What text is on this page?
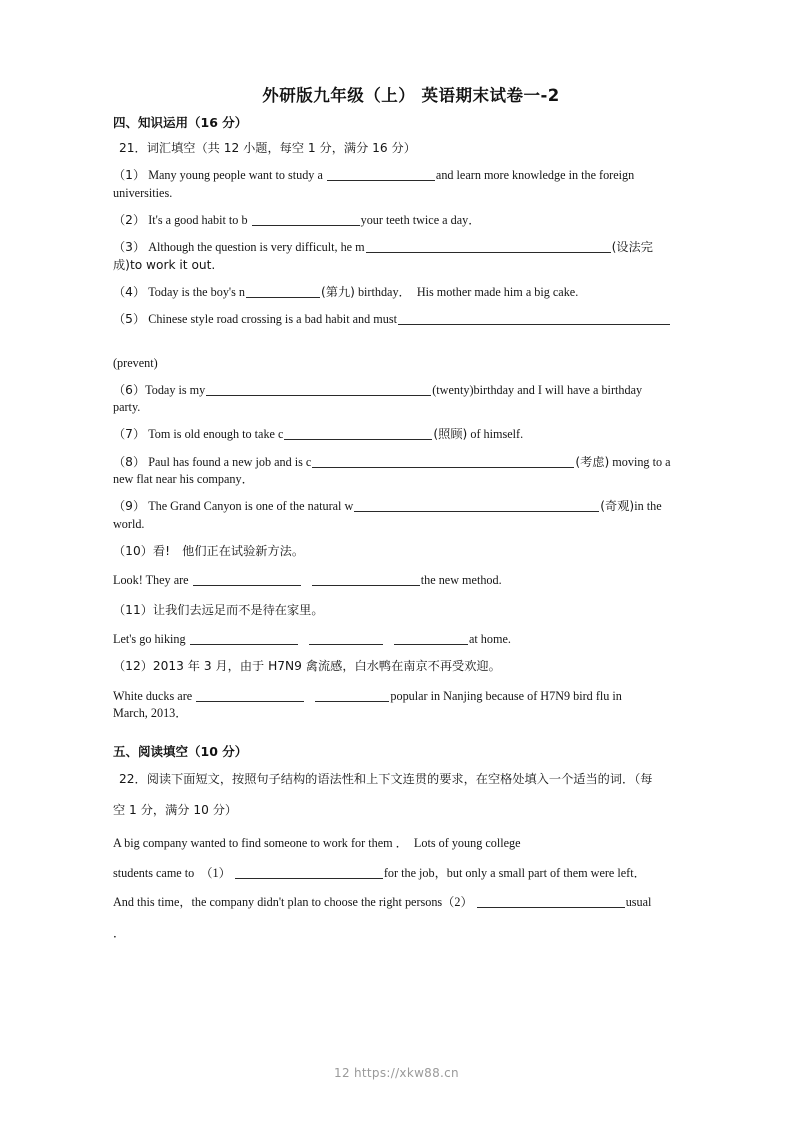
外研版九年级（上） 英语期末试卷一-2
四、知识运用（16 分）

21．词汇填空（共 12 小题，每空 1 分，满分 16 分）

（1） Many young people want to study a	and learn more knowledge in the foreign
universities.

（2） It's a good habit to b	your teeth twice a day．

（3） Although the question is very difficult, he m	(设法完
成)to work it out.

（4） Today is the boy's n	(第九) birthday．　His mother made him a big cake.

（5） Chinese style road crossing is a bad habit and must

(prevent)

（6）Today is my	(twenty)birthday and I will have a birthday
party.

（7） Tom is old enough to take c	(照顾) of himself.

（8） Paul has found a new job and is c	(考虑) moving to a
new flat near his company．

（9） The Grand Canyon is one of the natural w	(奇观)in the
world.

（10）看!　他们正在试验新方法。

Look! They are	the new method.

（11）让我们去远足而不是待在家里。

Let's go hiking	at home.

（12）2013 年 3 月，由于 H7N9 禽流感，白水鸭在南京不再受欢迎。

White ducks are	popular in Nanjing because of H7N9 bird flu in
March, 2013．

五、阅读填空（10 分）

22．阅读下面短文，按照句子结构的语法性和上下文连贯的要求，在空格处填入一个适当的词．（每

空 1 分，满分 10 分）

A big company wanted to find someone to work for them ．　Lots of young college

students came to　（1）	for the job，but only a small part of them were left．

And this time，the company didn't plan to choose the right persons（2）	usual

．

12 https://xkw88.cn
